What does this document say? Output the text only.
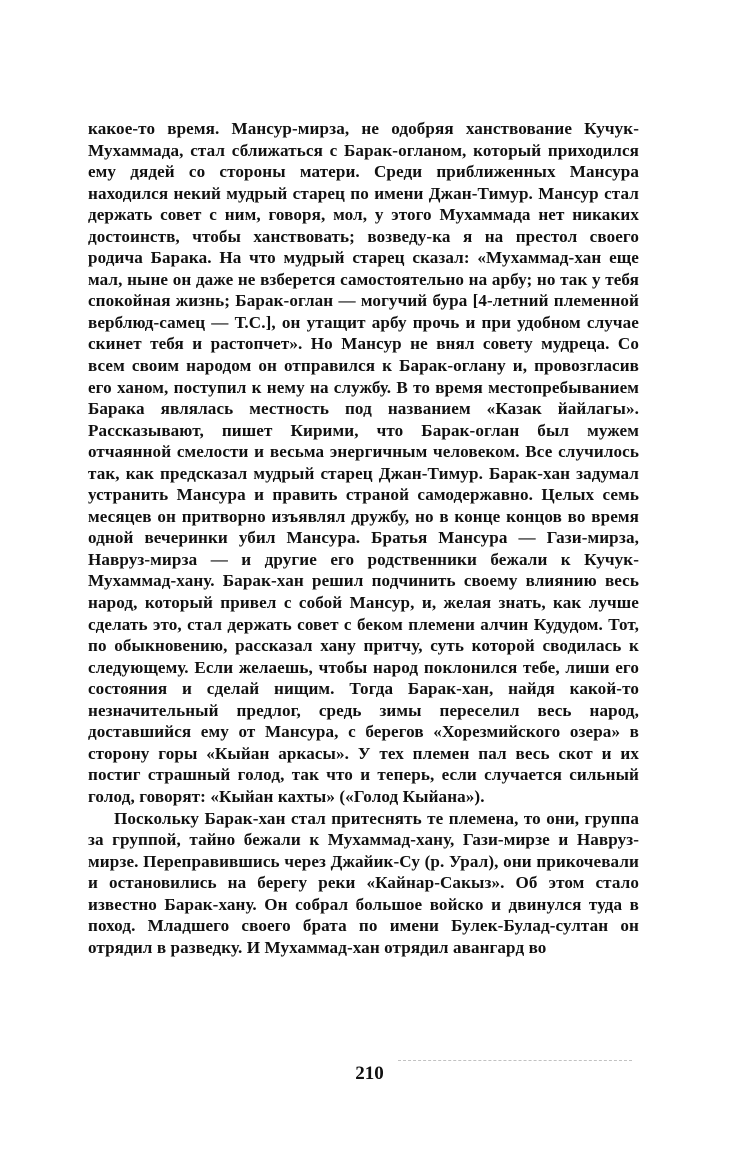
какое-то время. Мансур-мирза, не одобряя ханствование Кучук-Мухаммада, стал сближаться с Барак-огланом, который приходился ему дядей со стороны матери. Среди приближенных Мансура находился некий мудрый старец по имени Джан-Тимур. Мансур стал держать совет с ним, говоря, мол, у этого Мухаммада нет никаких достоинств, чтобы ханствовать; возведу-ка я на престол своего родича Барака. На что мудрый старец сказал: «Мухаммад-хан еще мал, ныне он даже не взберется самостоятельно на арбу; но так у тебя спокойная жизнь; Барак-оглан — могучий бура [4-летний племенной верблюд-самец — Т.С.], он утащит арбу прочь и при удобном случае скинет тебя и растопчет». Но Мансур не внял совету мудреца. Со всем своим народом он отправился к Барак-оглану и, провозгласив его ханом, поступил к нему на службу. В то время местопребыванием Барака являлась местность под названием «Казак йайлагы». Рассказывают, пишет Кирими, что Барак-оглан был мужем отчаянной смелости и весьма энергичным человеком. Все случилось так, как предсказал мудрый старец Джан-Тимур. Барак-хан задумал устранить Мансура и править страной самодержавно. Целых семь месяцев он притворно изъявлял дружбу, но в конце концов во время одной вечеринки убил Мансура. Братья Мансура — Гази-мирза, Навруз-мирза — и другие его родственники бежали к Кучук-Мухаммад-хану. Барак-хан решил подчинить своему влиянию весь народ, который привел с собой Мансур, и, желая знать, как лучше сделать это, стал держать совет с беком племени алчин Кудудом. Тот, по обыкновению, рассказал хану притчу, суть которой сводилась к следующему. Если желаешь, чтобы народ поклонился тебе, лиши его состояния и сделай нищим. Тогда Барак-хан, найдя какой-то незначительный предлог, средь зимы переселил весь народ, доставшийся ему от Мансура, с берегов «Хорезмийского озера» в сторону горы «Кыйан аркасы». У тех племен пал весь скот и их постиг страшный голод, так что и теперь, если случается сильный голод, говорят: «Кыйан кахты» («Голод Кыйана»).

Поскольку Барак-хан стал притеснять те племена, то они, группа за группой, тайно бежали к Мухаммад-хану, Гази-мирзе и Навруз-мирзе. Переправившись через Джайик-Су (р. Урал), они прикочевали и остановились на берегу реки «Кайнар-Сакыз». Об этом стало известно Барак-хану. Он собрал большое войско и двинулся туда в поход. Младшего своего брата по имени Булек-Булад-султан он отрядил в разведку. И Мухаммад-хан отрядил авангард во

210
